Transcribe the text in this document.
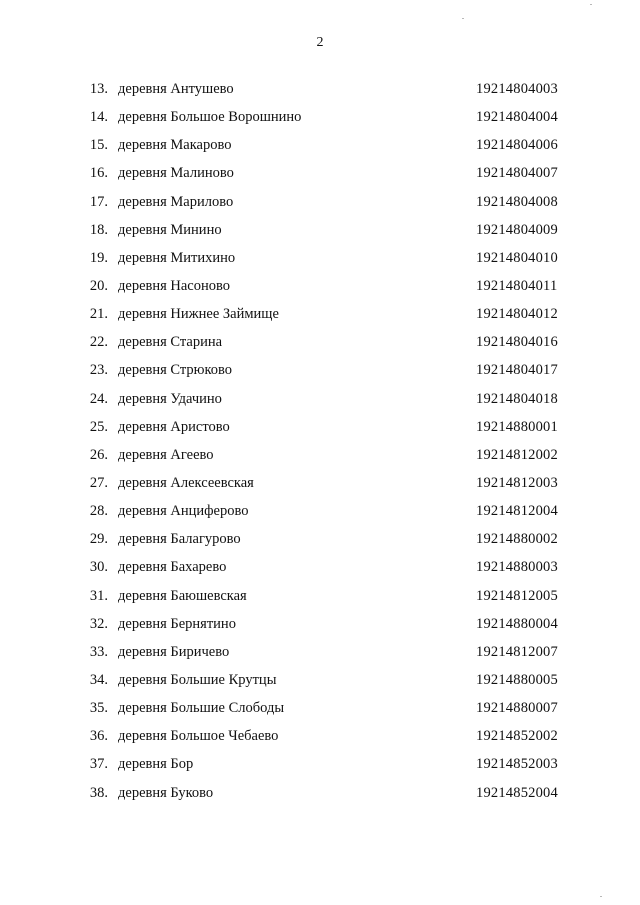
2
13. деревня Антушево	19214804003
14. деревня Большое Ворошнино	19214804004
15. деревня Макарово	19214804006
16. деревня Малиново	19214804007
17. деревня Марилово	19214804008
18. деревня Минино	19214804009
19. деревня Митихино	19214804010
20. деревня Насоново	19214804011
21. деревня Нижнее Займище	19214804012
22. деревня Старина	19214804016
23. деревня Стрюково	19214804017
24. деревня Удачино	19214804018
25. деревня Аристово	19214880001
26. деревня Агеево	19214812002
27. деревня Алексеевская	19214812003
28. деревня Анциферово	19214812004
29. деревня Балагурово	19214880002
30. деревня Бахарево	19214880003
31. деревня Баюшевская	19214812005
32. деревня Бернятино	19214880004
33. деревня Биричево	19214812007
34. деревня Большие Крутцы	19214880005
35. деревня Большие Слободы	19214880007
36. деревня Большое Чебаево	19214852002
37. деревня Бор	19214852003
38. деревня Буково	19214852004
